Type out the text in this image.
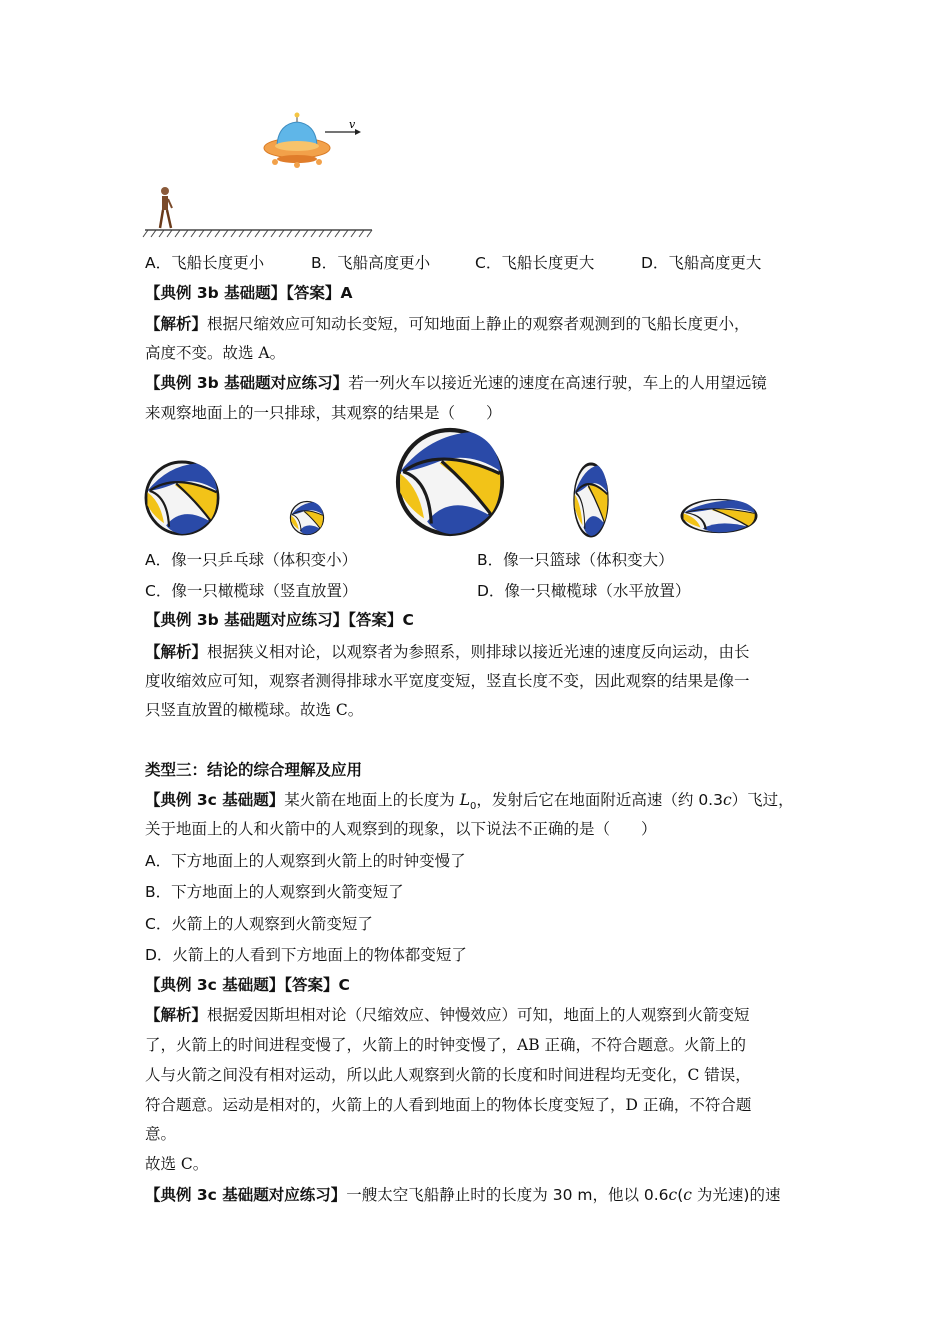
v
A．飞船长度更小	B．飞船高度更小	C．飞船长度更大	D．飞船高度更大
【典例 3b 基础题】【答案】A
【解析】根据尺缩效应可知动长变短，可知地面上静止的观察者观测到的飞船长度更小，
高度不变。故选 A。
【典例 3b 基础题对应练习】若一列火车以接近光速的速度在高速行驶，车上的人用望远镜
来观察地面上的一只排球，其观察的结果是（　　）
A．像一只乒乓球（体积变小）	B．像一只篮球（体积变大）
C．像一只橄榄球（竖直放置）	D．像一只橄榄球（水平放置）
【典例 3b 基础题对应练习】【答案】C
【解析】根据狭义相对论，以观察者为参照系，则排球以接近光速的速度反向运动，由长
度收缩效应可知，观察者测得排球水平宽度变短，竖直长度不变，因此观察的结果是像一
只竖直放置的橄榄球。故选 C。
类型三：结论的综合理解及应用
【典例 3c 基础题】某火箭在地面上的长度为 $L_0$，发射后它在地面附近高速（约 0.3c）飞过，
关于地面上的人和火箭中的人观察到的现象，以下说法不正确的是（　　）
A．下方地面上的人观察到火箭上的时钟变慢了
B．下方地面上的人观察到火箭变短了
C．火箭上的人观察到火箭变短了
D．火箭上的人看到下方地面上的物体都变短了
【典例 3c 基础题】【答案】C
【解析】根据爱因斯坦相对论（尺缩效应、钟慢效应）可知，地面上的人观察到火箭变短
了，火箭上的时间进程变慢了，火箭上的时钟变慢了，AB 正确，不符合题意。火箭上的
人与火箭之间没有相对运动，所以此人观察到火箭的长度和时间进程均无变化，C 错误，
符合题意。运动是相对的，火箭上的人看到地面上的物体长度变短了，D 正确，不符合题
意。
故选 C。
【典例 3c 基础题对应练习】一艘太空飞船静止时的长度为 30 m，他以 0.6c(c 为光速)的速
